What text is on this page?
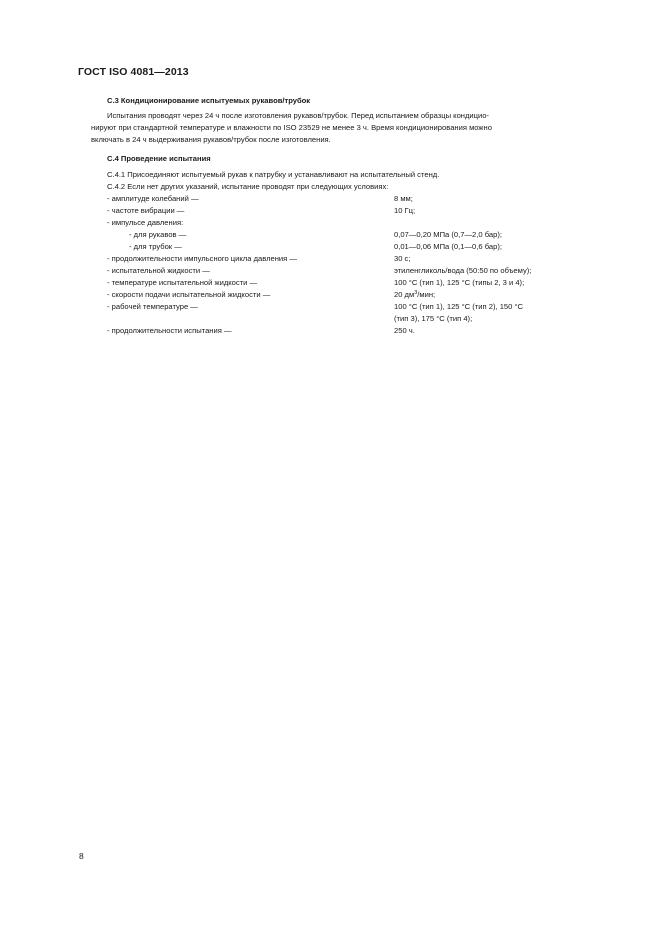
ГОСТ ISO 4081—2013
С.3 Кондиционирование испытуемых рукавов/трубок
Испытания проводят через 24 ч после изготовления рукавов/трубок. Перед испытанием образцы кондицио-
нируют при стандартной температуре и влажности по ISO 23529 не менее 3 ч. Время кондиционирования можно
включать в 24 ч выдерживания рукавов/трубок после изготовления.
С.4 Проведение испытания
С.4.1 Присоединяют испытуемый рукав к патрубку и устанавливают на испытательный стенд.
С.4.2 Если нет других указаний, испытание проводят при следующих условиях:
- амплитуде колебаний —	8 мм;
- частоте вибрации —	10 Гц;
- импульсе давления:
- для рукавов —	0,07—0,20 МПа (0,7—2,0 бар);
- для трубок —	0,01—0,06 МПа (0,1—0,6 бар);
- продолжительности импульсного цикла давления —	30 с;
- испытательной жидкости —	этиленгликоль/вода (50:50 по объему);
- температуре испытательной жидкости —	100 °С (тип 1), 125 °С (типы 2, 3 и 4);
- скорости подачи испытательной жидкости —	20 $дм^3$/мин;
- рабочей температуре —	100 °С (тип 1), 125 °С (тип 2), 150 °С
(тип 3), 175 °С (тип 4);
- продолжительности испытания —	250 ч.
8
